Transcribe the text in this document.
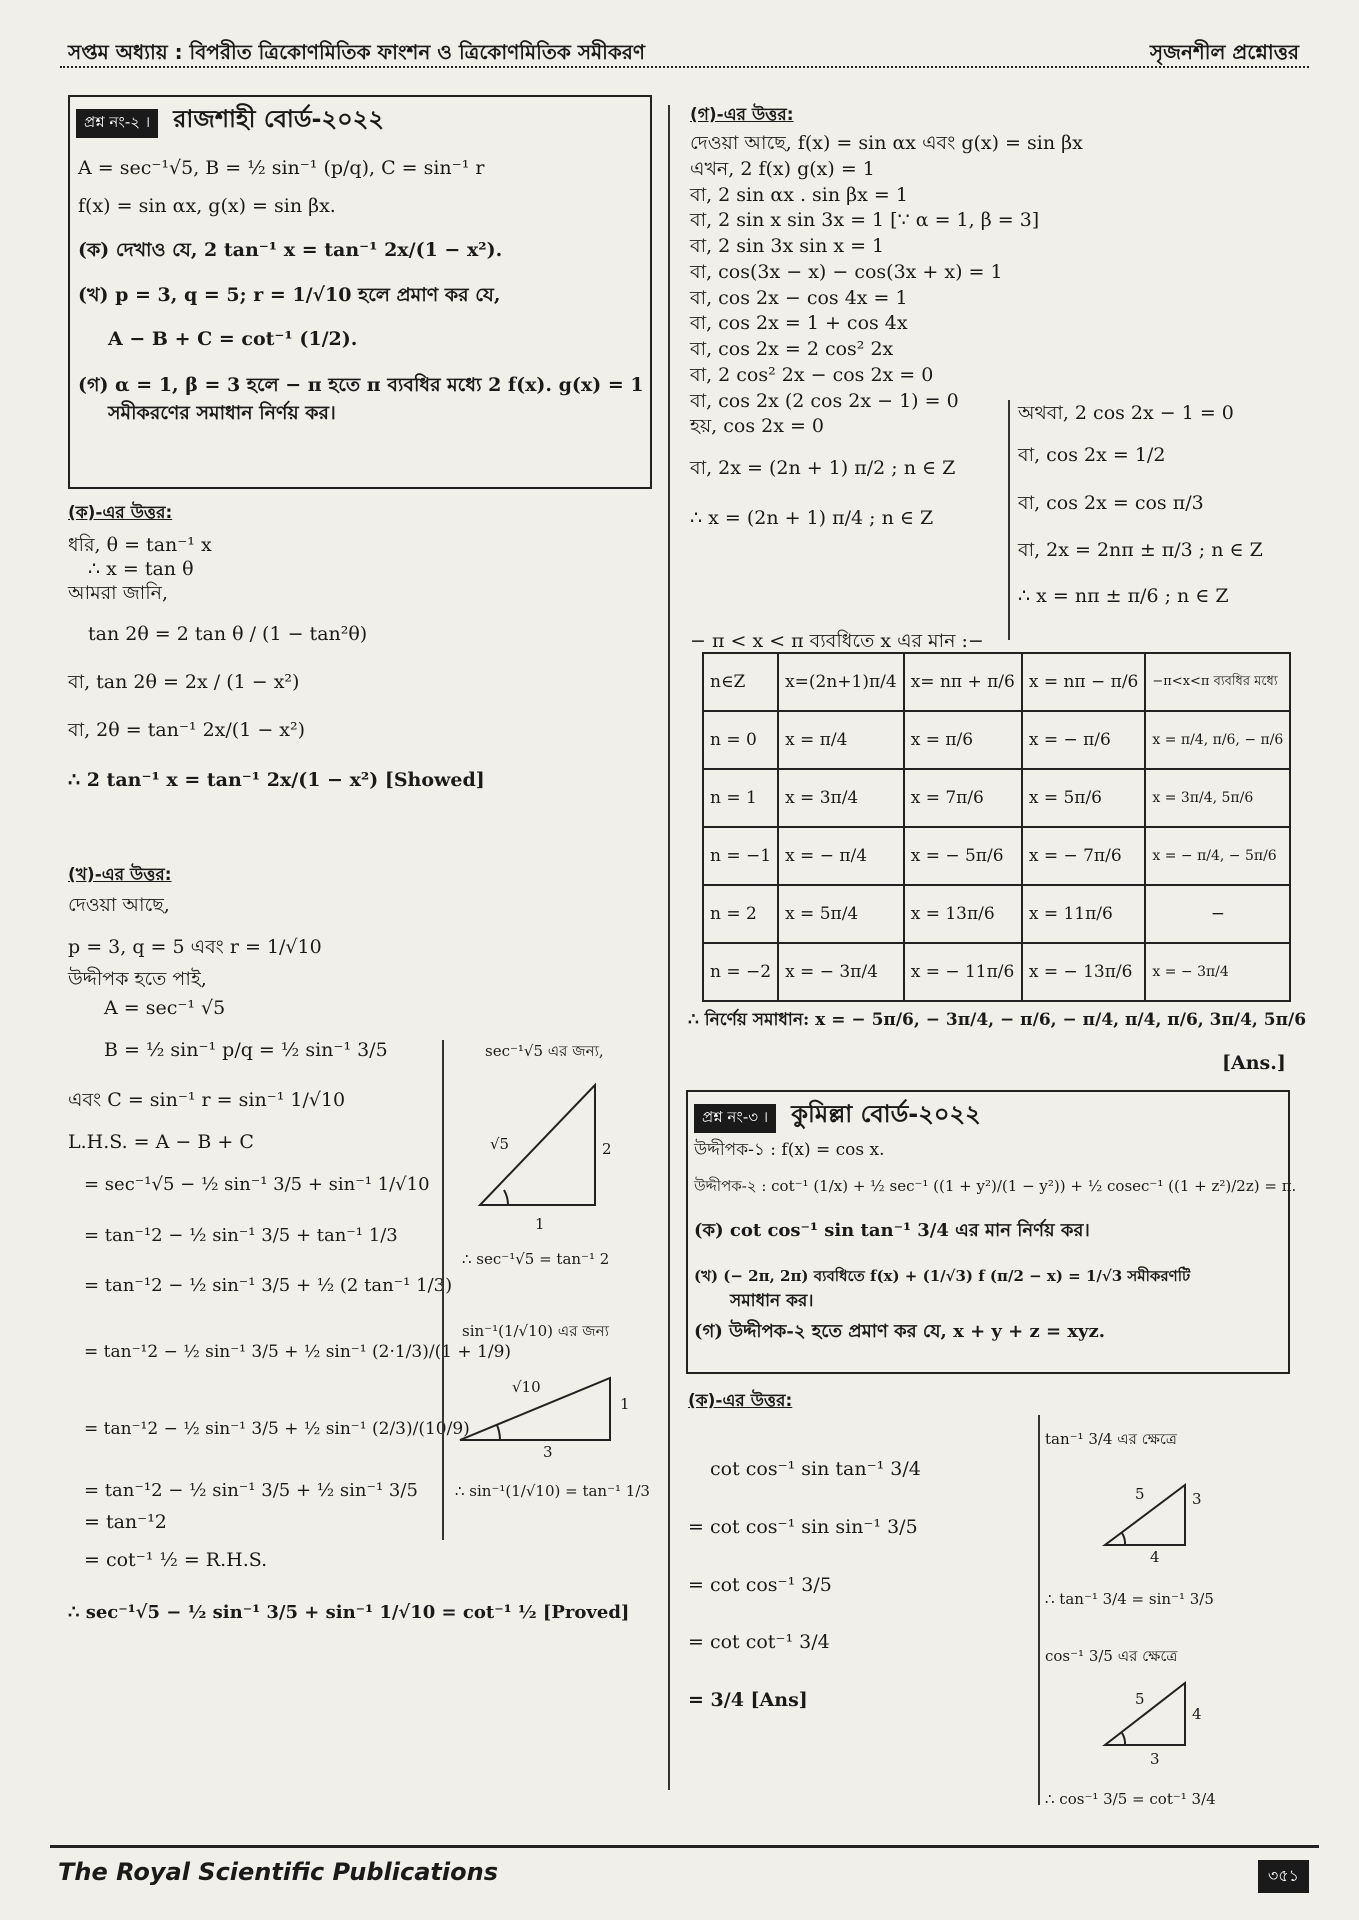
সপ্তম অধ্যায় : বিপরীত ত্রিকোণমিতিক ফাংশন ও ত্রিকোণমিতিক সমীকরণ	সৃজনশীল প্রশ্নোত্তর
প্রশ্ন নং-২ । রাজশাহী বোর্ড-২০২২
A = sec⁻¹√5, B = ½ sin⁻¹ (p/q), C = sin⁻¹ r
f(x) = sin αx, g(x) = sin βx.
(ক) দেখাও যে, 2 tan⁻¹ x = tan⁻¹ 2x/(1 − x²).
(খ) p = 3, q = 5; r = 1/√10 হলে প্রমাণ কর যে,
A − B + C = cot⁻¹ (1/2).
(গ) α = 1, β = 3 হলে − π হতে π ব্যবধির মধ্যে 2 f(x). g(x) = 1
সমীকরণের সমাধান নির্ণয় কর।
(ক)-এর উত্তর:
ধরি, θ = tan⁻¹ x
∴ x = tan θ
আমরা জানি,
tan 2θ = 2 tan θ / (1 − tan²θ)
বা, tan 2θ = 2x / (1 − x²)
বা, 2θ = tan⁻¹ 2x/(1 − x²)
∴ 2 tan⁻¹ x = tan⁻¹ 2x/(1 − x²) [Showed]
(খ)-এর উত্তর:
দেওয়া আছে,
p = 3, q = 5 এবং r = 1/√10
উদ্দীপক হতে পাই,
A = sec⁻¹ √5
B = ½ sin⁻¹ p/q = ½ sin⁻¹ 3/5
এবং C = sin⁻¹ r = sin⁻¹ 1/√10
L.H.S. = A − B + C
= sec⁻¹√5 − ½ sin⁻¹ 3/5 + sin⁻¹ 1/√10
= tan⁻¹2 − ½ sin⁻¹ 3/5 + tan⁻¹ 1/3
= tan⁻¹2 − ½ sin⁻¹ 3/5 + ½ (2 tan⁻¹ 1/3)
= tan⁻¹2 − ½ sin⁻¹ 3/5 + ½ sin⁻¹ (2·1/3)/(1 + 1/9)
= tan⁻¹2 − ½ sin⁻¹ 3/5 + ½ sin⁻¹ (2/3)/(10/9)
= tan⁻¹2 − ½ sin⁻¹ 3/5 + ½ sin⁻¹ 3/5
= tan⁻¹2
= cot⁻¹ ½ = R.H.S.
∴ sec⁻¹√5 − ½ sin⁻¹ 3/5 + sin⁻¹ 1/√10 = cot⁻¹ ½ [Proved]
sec⁻¹√5 এর জন্য,
√5	2
1
∴ sec⁻¹√5 = tan⁻¹ 2
sin⁻¹(1/√10) এর জন্য
√10
1
3
∴ sin⁻¹(1/√10) = tan⁻¹ 1/3
(গ)-এর উত্তর:
দেওয়া আছে, f(x) = sin αx এবং g(x) = sin βx
এখন, 2 f(x) g(x) = 1
বা, 2 sin αx . sin βx = 1
বা, 2 sin x sin 3x = 1 [∵ α = 1, β = 3]
বা, 2 sin 3x sin x = 1
বা, cos(3x − x) − cos(3x + x) = 1
বা, cos 2x − cos 4x = 1
বা, cos 2x = 1 + cos 4x
বা, cos 2x = 2 cos² 2x
বা, 2 cos² 2x − cos 2x = 0
বা, cos 2x (2 cos 2x − 1) = 0
হয়, cos 2x = 0
বা, 2x = (2n + 1) π/2 ; n ∈ Z
∴ x = (2n + 1) π/4 ; n ∈ Z
অথবা, 2 cos 2x − 1 = 0
বা, cos 2x = 1/2
বা, cos 2x = cos π/3
বা, 2x = 2nπ ± π/3 ; n ∈ Z
∴ x = nπ ± π/6 ; n ∈ Z
− π < x < π ব্যবধিতে x এর মান :−
n∈Z	x=(2n+1)π/4	x= nπ + π/6	x = nπ − π/6	−π<x<π ব্যবধির মধ্যে
n = 0	x = π/4	x = π/6	x = − π/6	x = π/4, π/6, − π/6
n = 1	x = 3π/4	x = 7π/6	x = 5π/6	x = 3π/4, 5π/6
n = −1	x = − π/4	x = − 5π/6	x = − 7π/6	x = − π/4, − 5π/6
n = 2	x = 5π/4	x = 13π/6	x = 11π/6	−
n = −2	x = − 3π/4	x = − 11π/6	x = − 13π/6	x = − 3π/4
∴ নির্ণেয় সমাধান: x = − 5π/6, − 3π/4, − π/6, − π/4, π/4, π/6, 3π/4, 5π/6
[Ans.]
প্রশ্ন নং-৩ । কুমিল্লা বোর্ড-২০২২
উদ্দীপক-১ : f(x) = cos x.
উদ্দীপক-২ : cot⁻¹ (1/x) + ½ sec⁻¹ ((1 + y²)/(1 − y²)) + ½ cosec⁻¹ ((1 + z²)/2z) = π.
(ক) cot cos⁻¹ sin tan⁻¹ 3/4 এর মান নির্ণয় কর।
(খ) (− 2π, 2π) ব্যবধিতে f(x) + (1/√3) f (π/2 − x) = 1/√3 সমীকরণটি
সমাধান কর।
(গ) উদ্দীপক-২ হতে প্রমাণ কর যে, x + y + z = xyz.
(ক)-এর উত্তর:
cot cos⁻¹ sin tan⁻¹ 3/4
= cot cos⁻¹ sin sin⁻¹ 3/5
= cot cos⁻¹ 3/5
= cot cot⁻¹ 3/4
= 3/4 [Ans]
tan⁻¹ 3/4 এর ক্ষেত্রে
5	3
4
∴ tan⁻¹ 3/4 = sin⁻¹ 3/5
cos⁻¹ 3/5 এর ক্ষেত্রে
5
4
3
∴ cos⁻¹ 3/5 = cot⁻¹ 3/4
The Royal Scientific Publications	৩৫১
